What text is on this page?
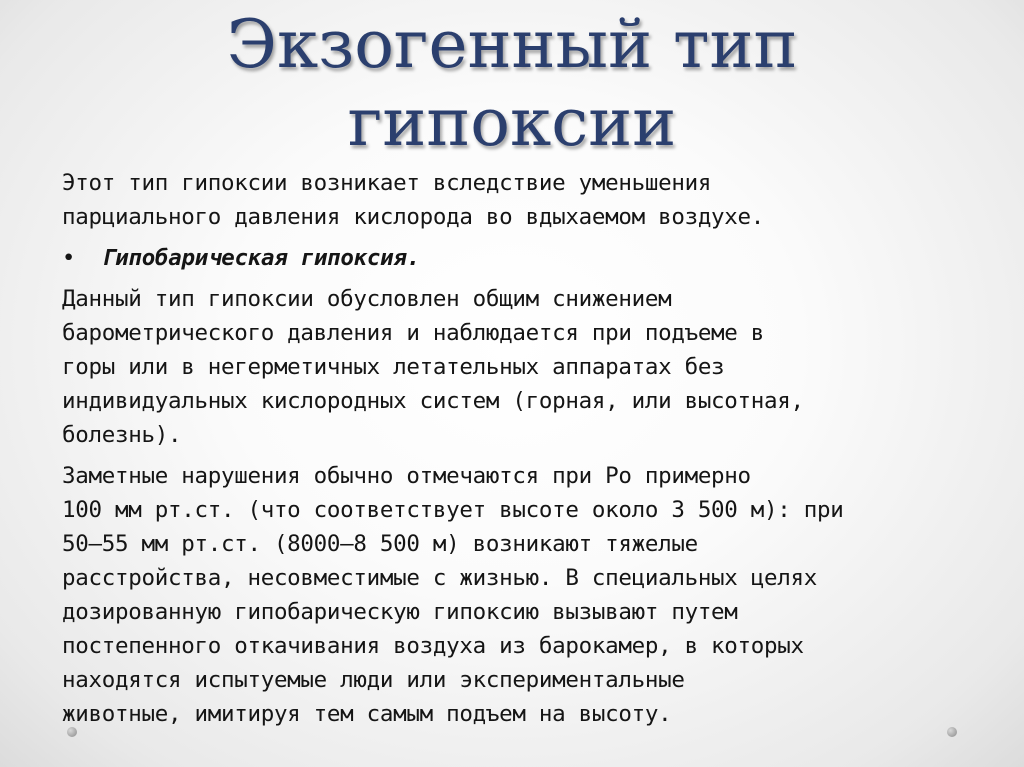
Экзогенный тип
гипоксии
Этот тип гипоксии возникает вследствие уменьшения
парциального давления кислорода во вдыхаемом воздухе.
• Гипобарическая гипоксия.
Данный тип гипоксии обусловлен общим снижением
барометрического давления и наблюдается при подъеме в
горы или в негерметичных летательных аппаратах без
индивидуальных кислородных систем (горная, или высотная,
болезнь).
Заметные нарушения обычно отмечаются при Ро примерно
100 мм рт.ст. (что соответствует высоте около 3 500 м): при
50—55 мм рт.ст. (8000—8 500 м) возникают тяжелые
расстройства, несовместимые с жизнью. В специальных целях
дозированную гипобарическую гипоксию вызывают путем
постепенного откачивания воздуха из барокамер, в которых
находятся испытуемые люди или экспериментальные
животные, имитируя тем самым подъем на высоту.
